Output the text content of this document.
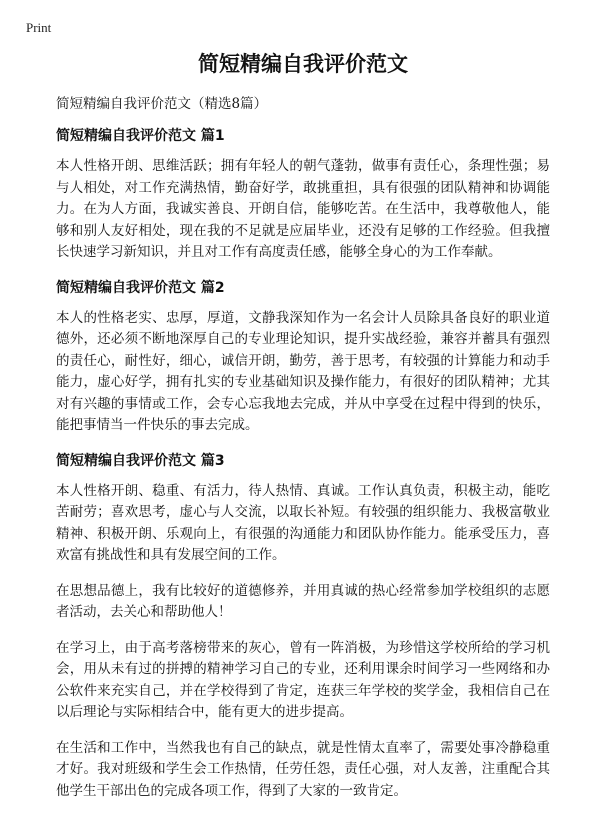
Print
简短精编自我评价范文
简短精编自我评价范文（精选8篇）
简短精编自我评价范文 篇1

本人性格开朗、思维活跃；拥有年轻人的朝气蓬勃，做事有责任心，条理性强；易与人相处，对工作充满热情，勤奋好学，敢挑重担，具有很强的团队精神和协调能力。在为人方面，我诚实善良、开朗自信，能够吃苦。在生活中，我尊敬他人，能够和别人友好相处，现在我的不足就是应届毕业，还没有足够的工作经验。但我擅长快速学习新知识，并且对工作有高度责任感，能够全身心的为工作奉献。

简短精编自我评价范文 篇2

本人的性格老实、忠厚，厚道，文静我深知作为一名会计人员除具备良好的职业道德外，还必须不断地深厚自己的专业理论知识，提升实战经验，兼容并蓄具有强烈的责任心，耐性好，细心，诚信开朗，勤劳，善于思考，有较强的计算能力和动手能力，虚心好学，拥有扎实的专业基础知识及操作能力，有很好的团队精神；尤其对有兴趣的事情或工作，会专心忘我地去完成，并从中享受在过程中得到的快乐，能把事情当一件快乐的事去完成。

简短精编自我评价范文 篇3

本人性格开朗、稳重、有活力，待人热情、真诚。工作认真负责，积极主动，能吃苦耐劳；喜欢思考，虚心与人交流，以取长补短。有较强的组织能力、我极富敬业精神、积极开朗、乐观向上，有很强的沟通能力和团队协作能力。能承受压力，喜欢富有挑战性和具有发展空间的工作。

在思想品德上，我有比较好的道德修养，并用真诚的热心经常参加学校组织的志愿者活动，去关心和帮助他人！

在学习上，由于高考落榜带来的灰心，曾有一阵消极，为珍惜这学校所给的学习机会，用从未有过的拼搏的精神学习自己的专业，还利用课余时间学习一些网络和办公软件来充实自己，并在学校得到了肯定，连获三年学校的奖学金，我相信自己在以后理论与实际相结合中，能有更大的进步提高。

在生活和工作中，当然我也有自己的缺点，就是性情太直率了，需要处事冷静稳重才好。我对班级和学生会工作热情，任劳任怨，责任心强，对人友善，注重配合其他学生干部出色的完成各项工作，得到了大家的一致肯定。
